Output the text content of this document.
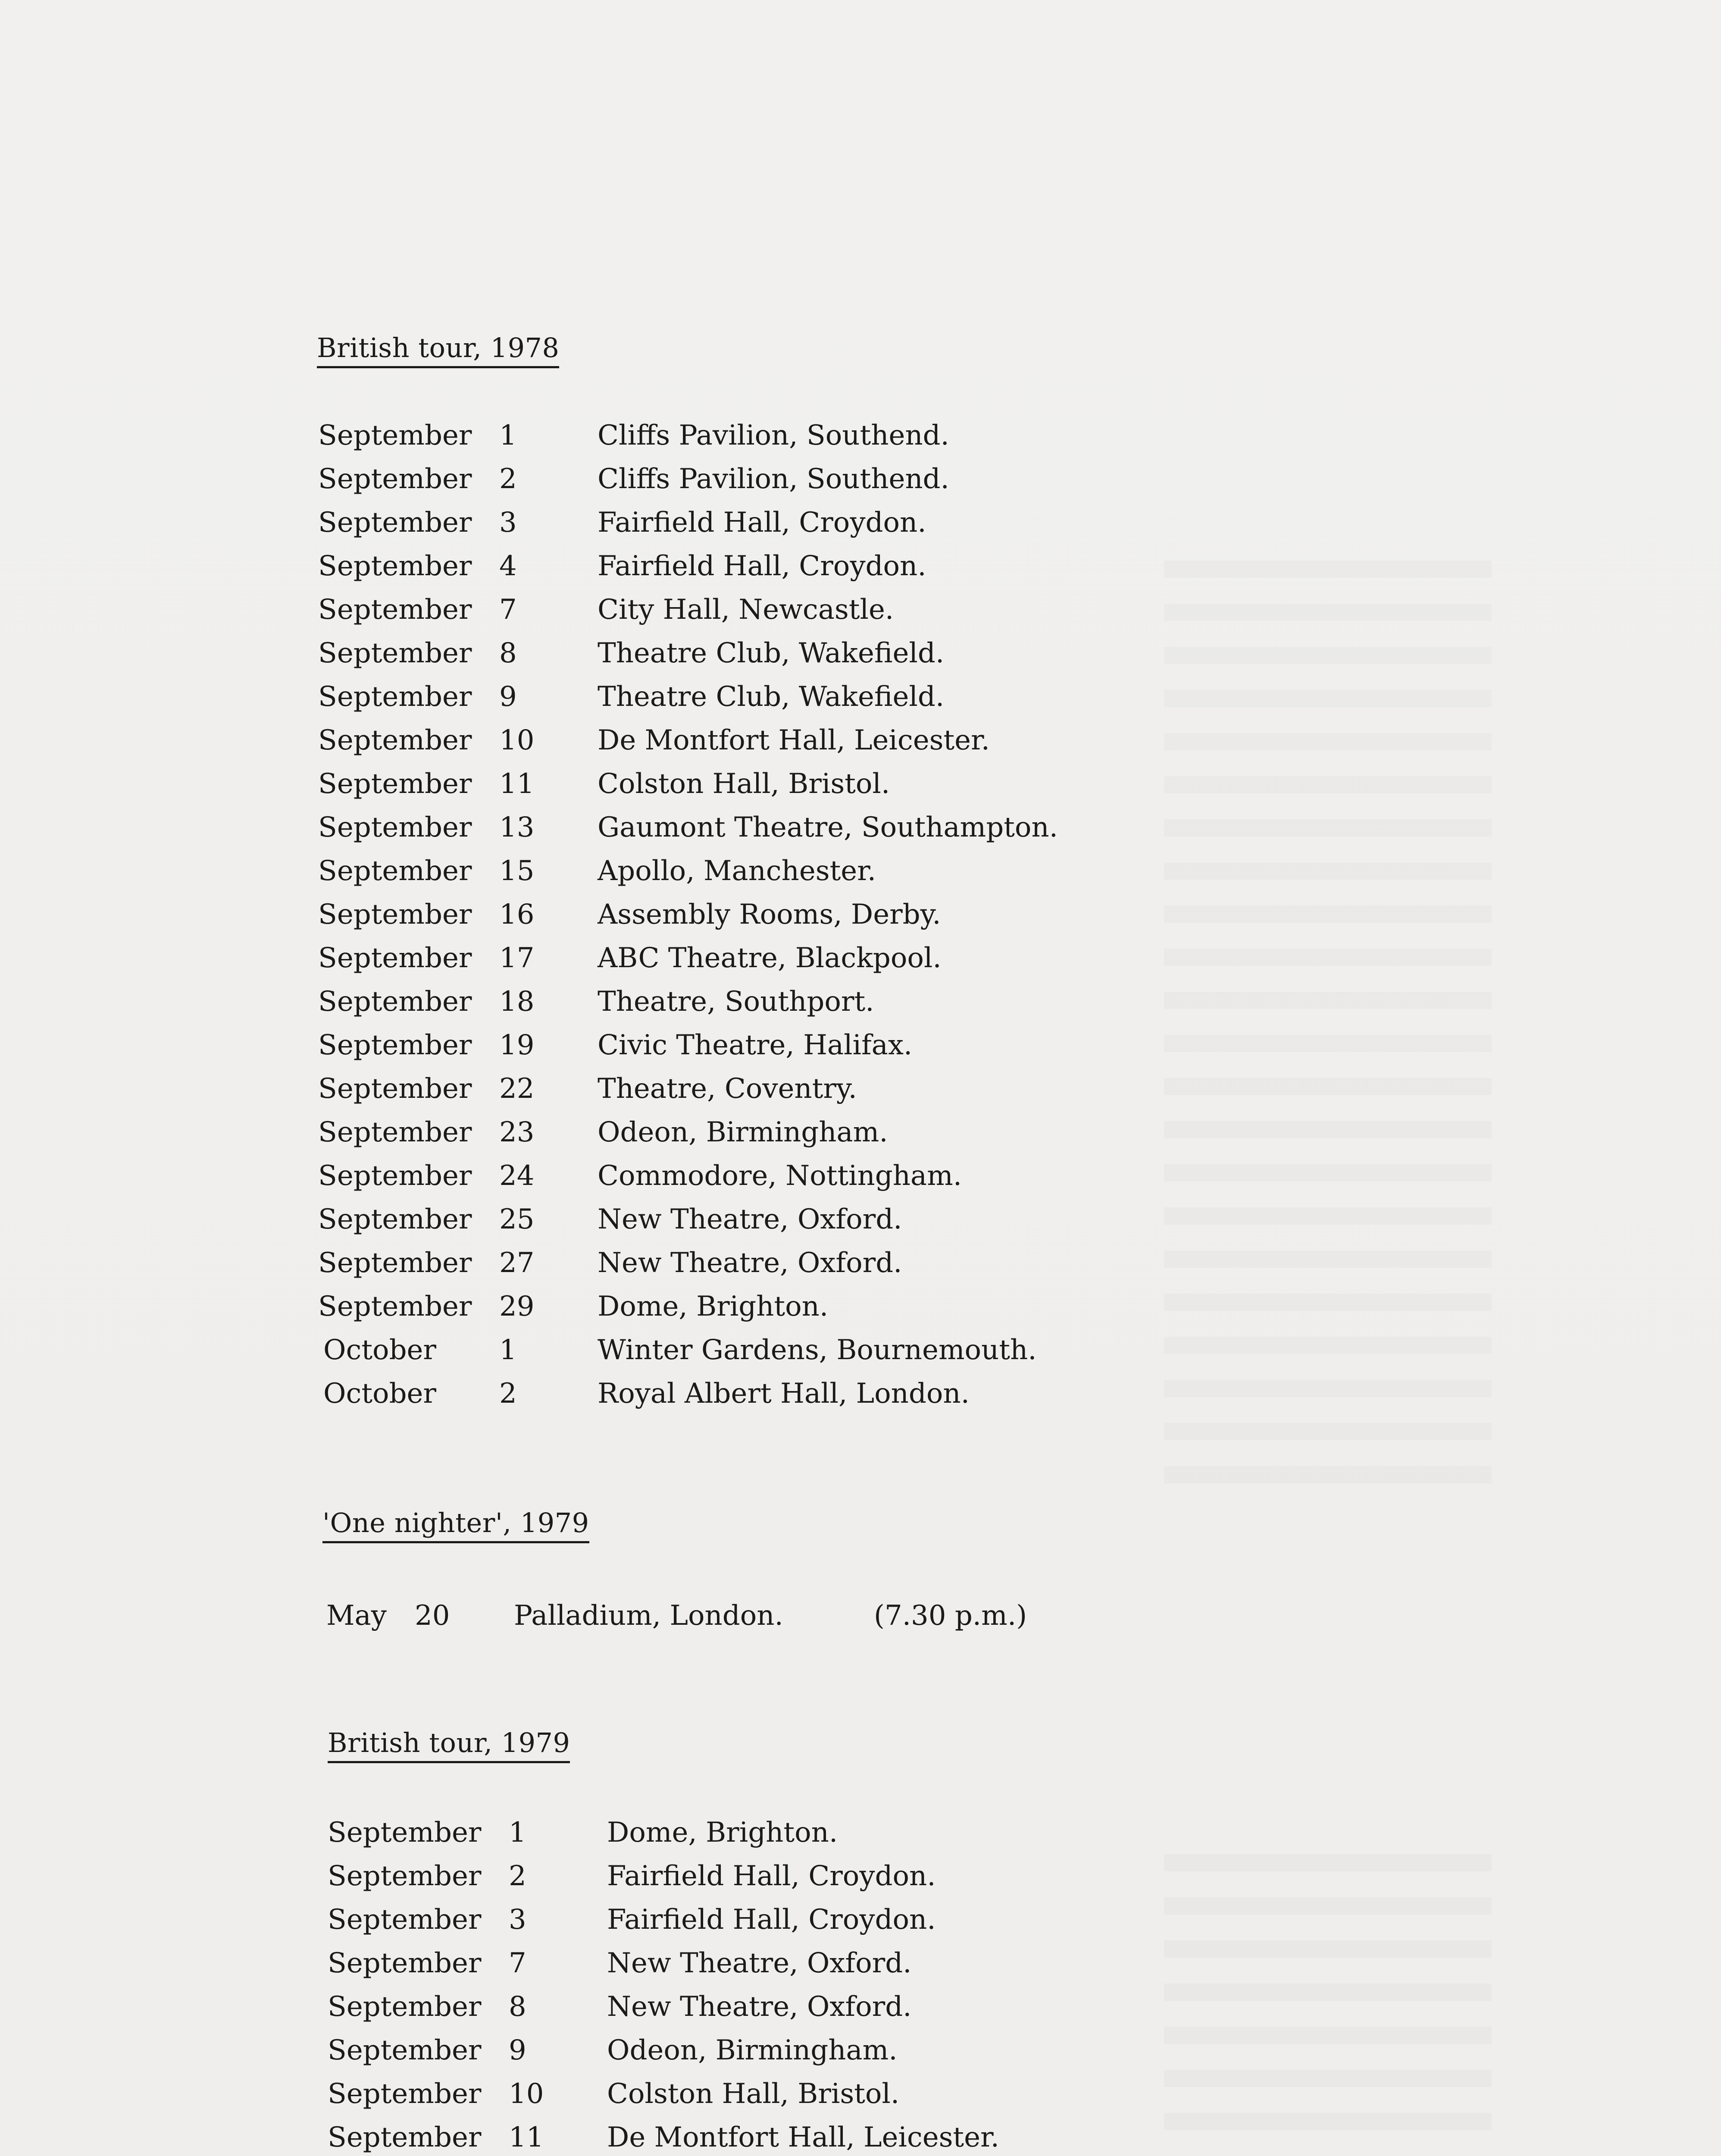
British tour, 1978
September 1	Cliffs Pavilion, Southend.
September 2	Cliffs Pavilion, Southend.
September 3	Fairfield Hall, Croydon.
September 4	Fairfield Hall, Croydon.
September 7	City Hall, Newcastle.
September 8	Theatre Club, Wakefield.
September 9	Theatre Club, Wakefield.
September 10 De Montfort Hall, Leicester.
September 11 Colston Hall, Bristol.
September 13 Gaumont Theatre, Southampton.
September 15 Apollo, Manchester.
September 16 Assembly Rooms, Derby.
September 17 ABC Theatre, Blackpool.
September 18 Theatre, Southport.
September 19 Civic Theatre, Halifax.
September 22 Theatre, Coventry.
September 23 Odeon, Birmingham.
September 24 Commodore, Nottingham.
September 25 New Theatre, Oxford.
September 27 New Theatre, Oxford.
September 29 Dome, Brighton.
October 1	Winter Gardens, Bournemouth.
October 2	Royal Albert Hall, London.
'One nighter', 1979
May 20 Palladium, London.	(7.30 p.m.)
British tour, 1979
September 1	Dome, Brighton.
September 2	Fairfield Hall, Croydon.
September 3	Fairfield Hall, Croydon.
September 7	New Theatre, Oxford.
September 8	New Theatre, Oxford.
September 9	Odeon, Birmingham.
September 10 Colston Hall, Bristol.
September 11 De Montfort Hall, Leicester.
